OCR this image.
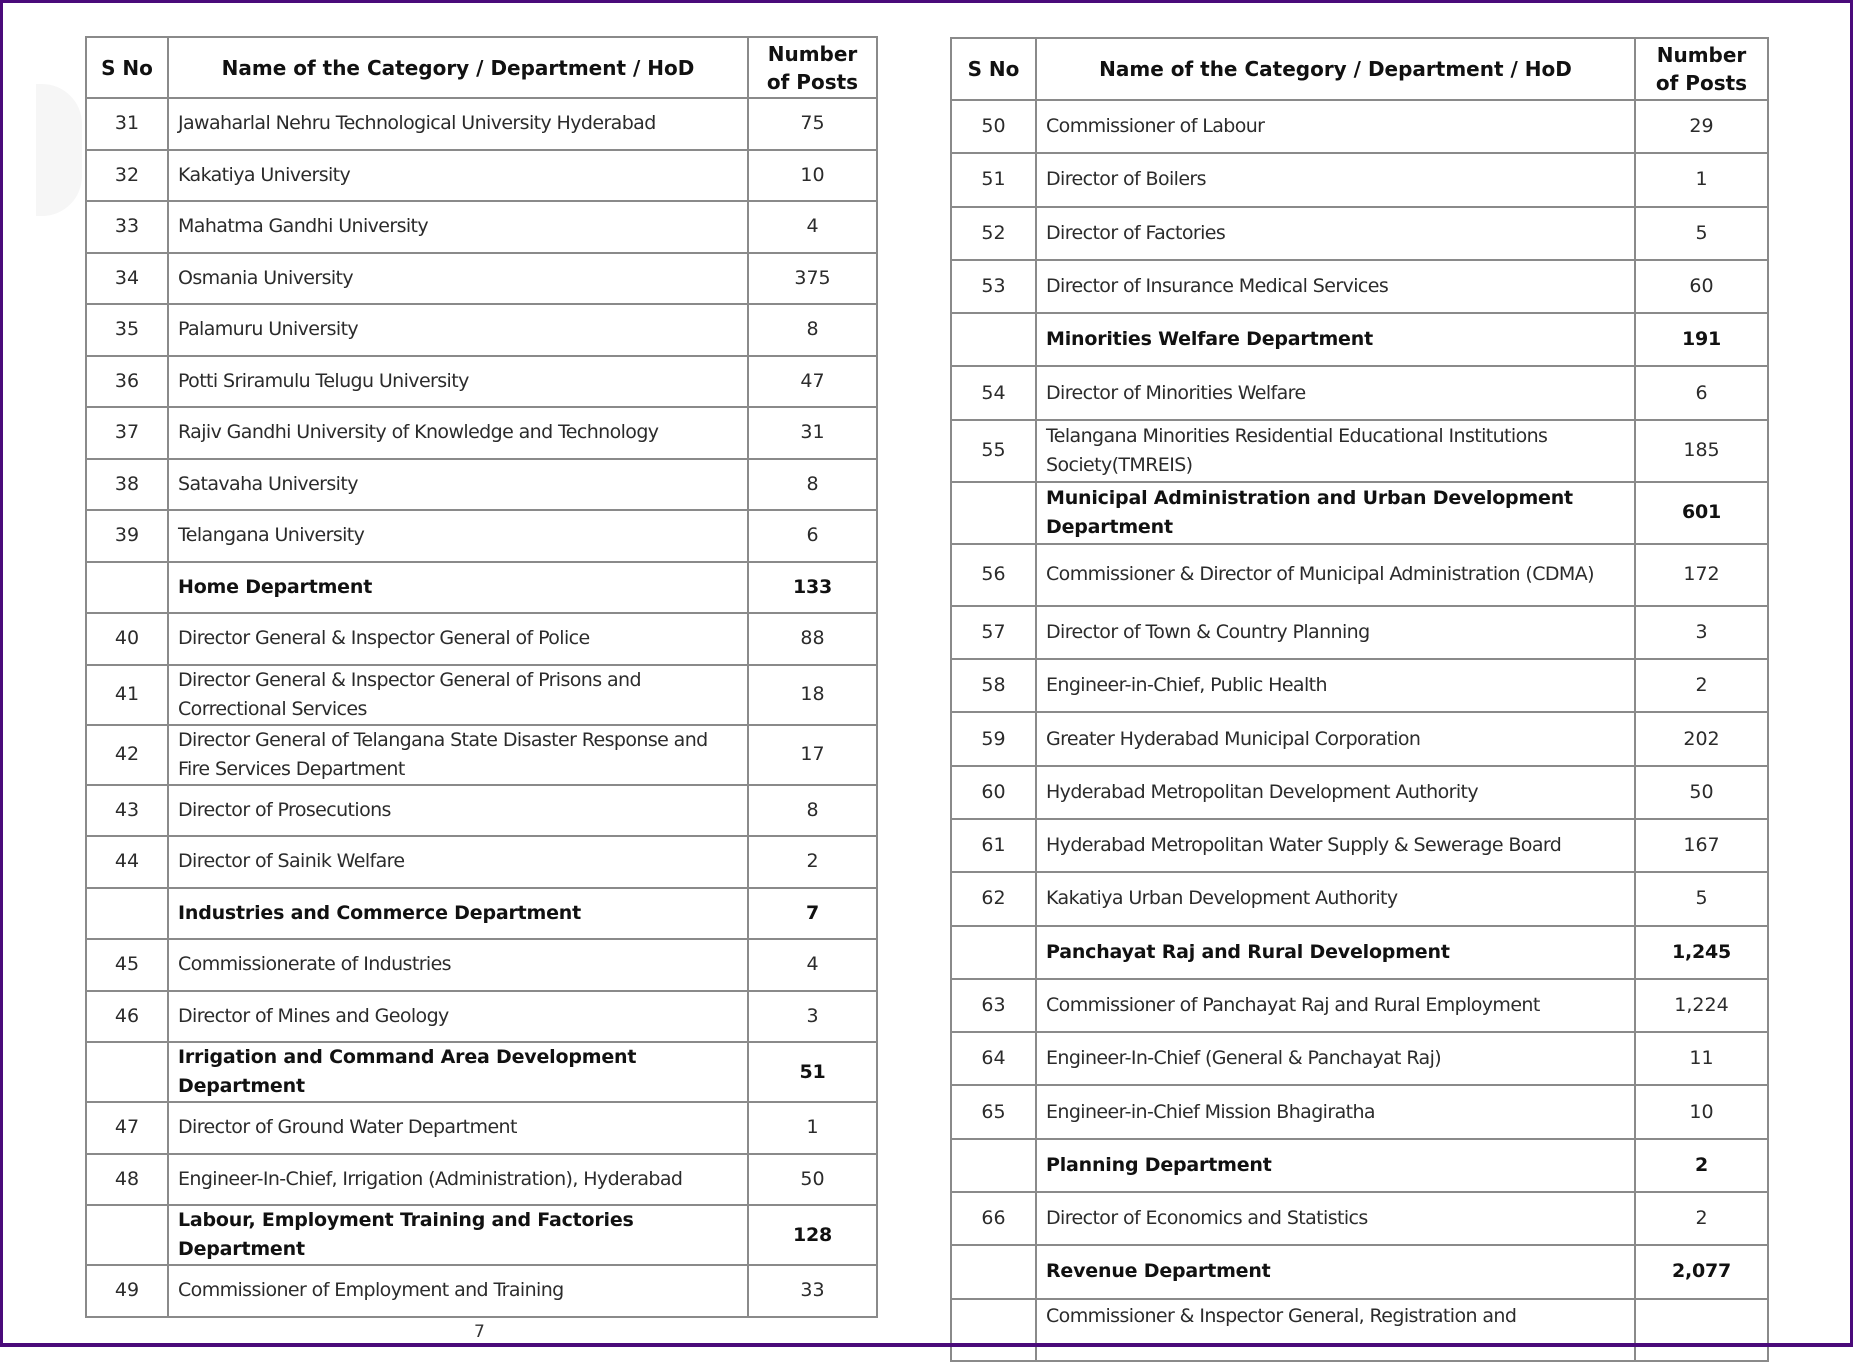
S No	Name of the Category / Department / HoD	Number
of Posts
31	Jawaharlal Nehru Technological University Hyderabad	75
32	Kakatiya University	10
33	Mahatma Gandhi University	4
34	Osmania University	375
35	Palamuru University	8
36	Potti Sriramulu Telugu University	47
37	Rajiv Gandhi University of Knowledge and Technology	31
38	Satavaha University	8
39	Telangana University	6
	Home Department	133
40	Director General & Inspector General of Police	88
41	Director General & Inspector General of Prisons and Correctional Services	18
42	Director General of Telangana State Disaster Response and Fire Services Department	17
43	Director of Prosecutions	8
44	Director of Sainik Welfare	2
	Industries and Commerce Department	7
45	Commissionerate of Industries	4
46	Director of Mines and Geology	3
	Irrigation and Command Area Development Department	51
47	Director of Ground Water Department	1
48	Engineer-In-Chief, Irrigation (Administration), Hyderabad	50
	Labour, Employment Training and Factories Department	128
49	Commissioner of Employment and Training	33
S No	Name of the Category / Department / HoD	Number
of Posts
50	Commissioner of Labour	29
51	Director of Boilers	1
52	Director of Factories	5
53	Director of Insurance Medical Services	60
	Minorities Welfare Department	191
54	Director of Minorities Welfare	6
55	Telangana Minorities Residential Educational Institutions Society(TMREIS)	185
	Municipal Administration and Urban Development Department	601
56	Commissioner & Director of Municipal Administration (CDMA)	172
57	Director of Town & Country Planning	3
58	Engineer-in-Chief, Public Health	2
59	Greater Hyderabad Municipal Corporation	202
60	Hyderabad Metropolitan Development Authority	50
61	Hyderabad Metropolitan Water Supply & Sewerage Board	167
62	Kakatiya Urban Development Authority	5
	Panchayat Raj and Rural Development	1,245
63	Commissioner of Panchayat Raj and Rural Employment	1,224
64	Engineer-In-Chief (General & Panchayat Raj)	11
65	Engineer-in-Chief Mission Bhagiratha	10
	Planning Department	2
66	Director of Economics and Statistics	2
	Revenue Department	2,077
	Commissioner & Inspector General, Registration and	
7
